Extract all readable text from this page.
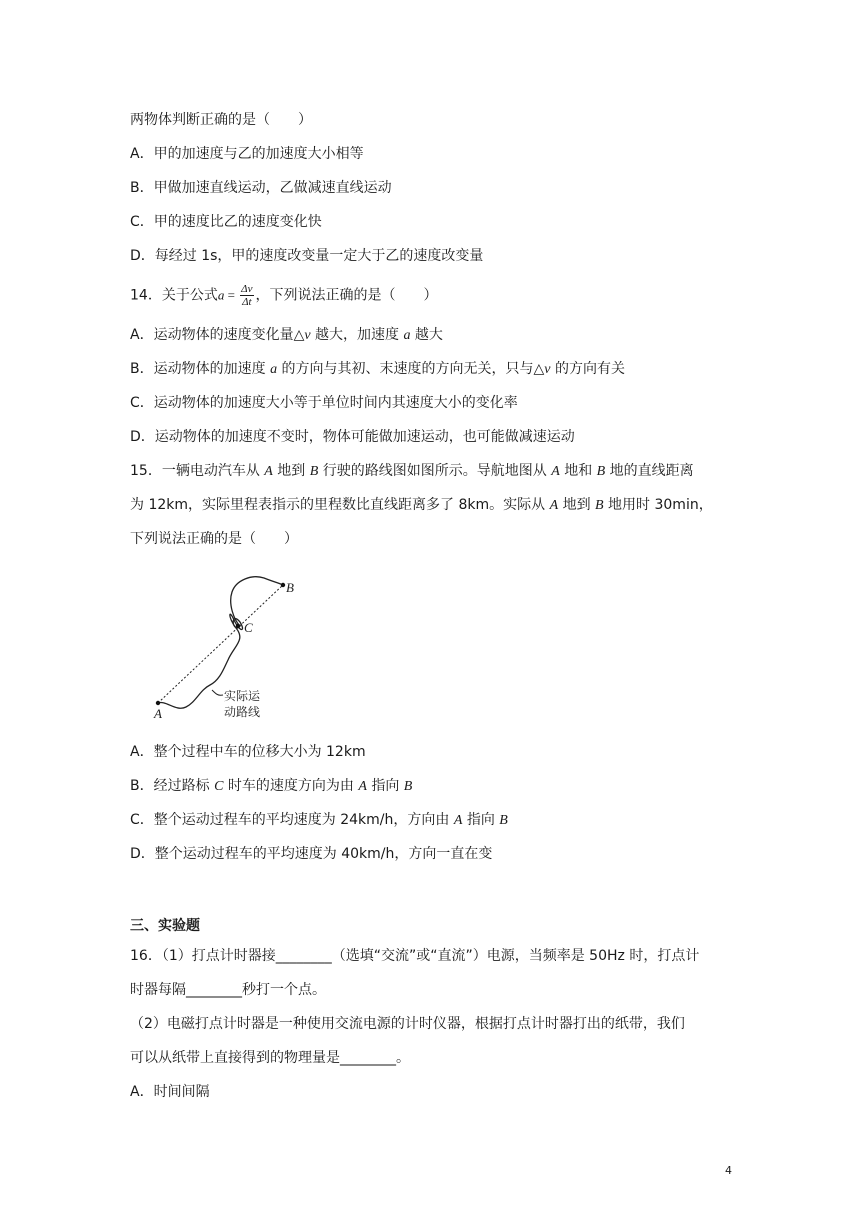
两物体判断正确的是（　　）
A．甲的加速度与乙的加速度大小相等
B．甲做加速直线运动，乙做减速直线运动
C．甲的速度比乙的速度变化快
D．每经过 1s，甲的速度改变量一定大于乙的速度改变量
14．关于公式$a = \frac{\Delta v}{\Delta t}$ ，下列说法正确的是（　　）
A．运动物体的速度变化量△v 越大，加速度 a 越大
B．运动物体的加速度 a 的方向与其初、末速度的方向无关，只与△v 的方向有关
C．运动物体的加速度大小等于单位时间内其速度大小的变化率
D．运动物体的加速度不变时，物体可能做加速运动，也可能做减速运动
15．一辆电动汽车从 A 地到 B 行驶的路线图如图所示。导航地图从 A 地和 B 地的直线距离
为 12km，实际里程表指示的里程数比直线距离多了 8km。实际从 A 地到 B 地用时 30min，
下列说法正确的是（　　）
A
B
C
实际运
动路线
A．整个过程中车的位移大小为 12km
B．经过路标 C 时车的速度方向为由 A 指向 B
C．整个运动过程车的平均速度为 24km/h，方向由 A 指向 B
D．整个运动过程车的平均速度为 40km/h，方向一直在变
三、实验题
16．（1）打点计时器接________（选填“交流”或“直流”）电源，当频率是 50Hz 时，打点计
时器每隔________秒打一个点。
（2）电磁打点计时器是一种使用交流电源的计时仪器，根据打点计时器打出的纸带，我们
可以从纸带上直接得到的物理量是________。
A．时间间隔
4
